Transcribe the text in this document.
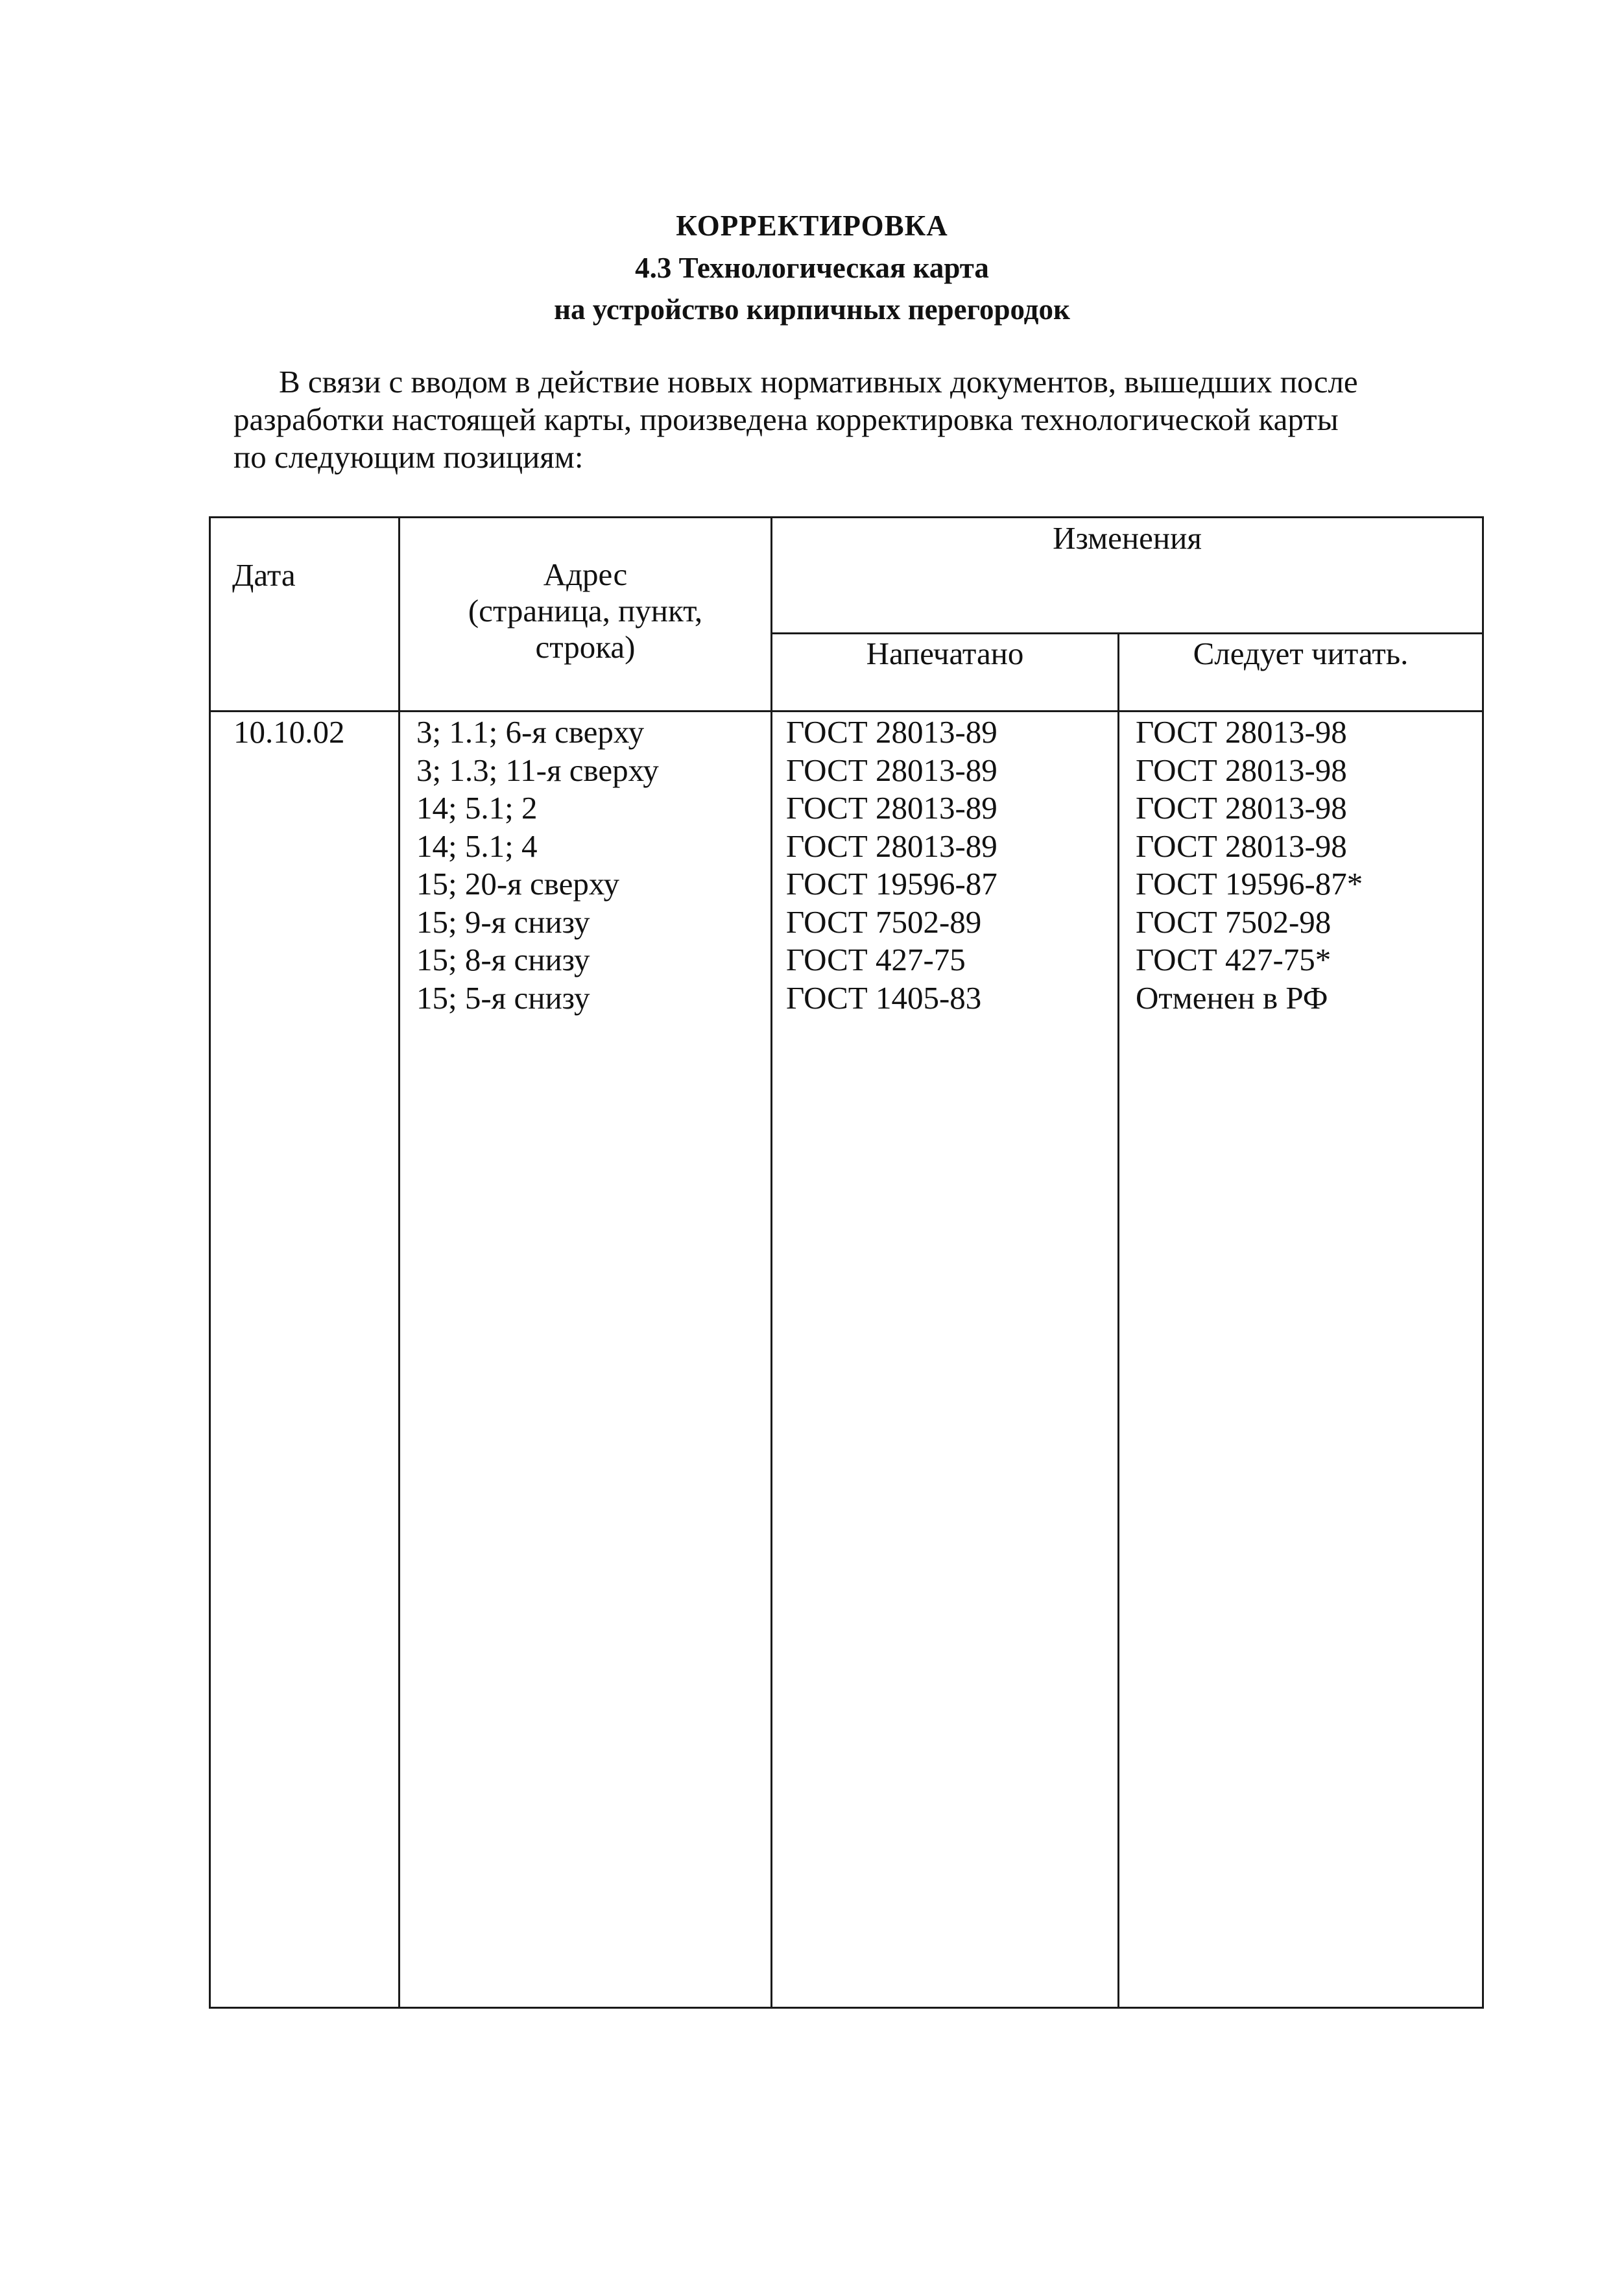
КОРРЕКТИРОВКА
4.3 Технологическая карта
на устройство кирпичных перегородок
В связи с вводом в действие новых нормативных документов, вышедших после
разработки настоящей карты, произведена корректировка технологической карты
по следующим позициям:
Дата	Адрес
(страница, пункт,
строка)
Изменения
Напечатано	Следует читать.
10.10.02 3; 1.1; 6-я сверху
3; 1.3; 11-я сверху
14; 5.1; 2
14; 5.1; 4
15; 20-я сверху
15; 9-я снизу
15; 8-я снизу
15; 5-я снизу
ГОСТ 28013-89
ГОСТ 28013-89
ГОСТ 28013-89
ГОСТ 28013-89
ГОСТ 19596-87
ГОСТ 7502-89
ГОСТ 427-75
ГОСТ 1405-83
ГОСТ 28013-98
ГОСТ 28013-98
ГОСТ 28013-98
ГОСТ 28013-98
ГОСТ 19596-87*
ГОСТ 7502-98
ГОСТ 427-75*
Отменен в РФ
